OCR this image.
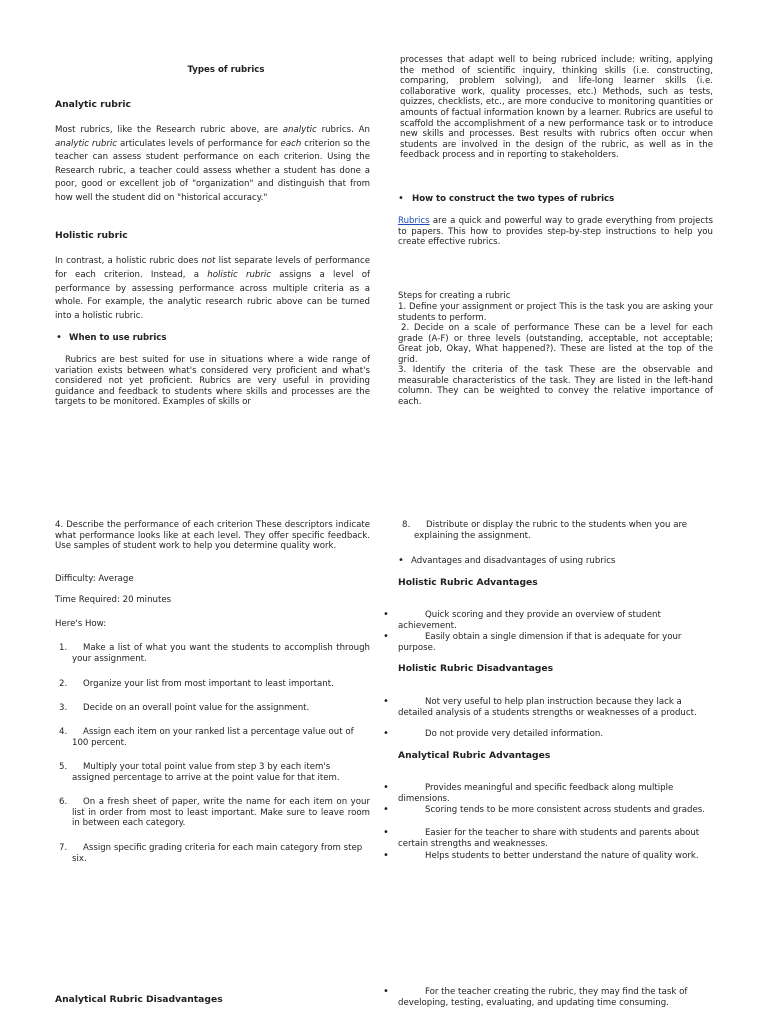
Types of rubrics
Analytic rubric
Most rubrics, like the Research rubric above, are analytic rubrics. An analytic rubric articulates levels of performance for each criterion so the teacher can assess student performance on each criterion. Using the Research rubric, a teacher could assess whether a student has done a poor, good or excellent job of "organization" and distinguish that from how well the student did on "historical accuracy."
Holistic rubric
In contrast, a holistic rubric does not list separate levels of performance for each criterion. Instead, a holistic rubric assigns a level of performance by assessing performance across multiple criteria as a whole. For example, the analytic research rubric above can be turned into a holistic rubric.
• When to use rubrics
Rubrics are best suited for use in situations where a wide range of variation exists between what's considered very proficient and what's considered not yet proficient. Rubrics are very useful in providing guidance and feedback to students where skills and processes are the targets to be monitored. Examples of skills or
processes that adapt well to being rubriced include: writing, applying the method of scientific inquiry, thinking skills (i.e. constructing, comparing, problem solving), and life-long learner skills (i.e. collaborative work, quality processes, etc.) Methods, such as tests, quizzes, checklists, etc., are more conducive to monitoring quantities or amounts of factual information known by a learner. Rubrics are useful to scaffold the accomplishment of a new performance task or to introduce new skills and processes. Best results with rubrics often occur when students are involved in the design of the rubric, as well as in the feedback process and in reporting to stakeholders.
• How to construct the two types of rubrics
Rubrics are a quick and powerful way to grade everything from projects to papers. This how to provides step-by-step instructions to help you create effective rubrics.
Steps for creating a rubric
1. Define your assignment or project This is the task you are asking your students to perform.
2. Decide on a scale of performance These can be a level for each grade (A-F) or three levels (outstanding, acceptable, not acceptable; Great job, Okay, What happened?). These are listed at the top of the grid.
3. Identify the criteria of the task These are the observable and measurable characteristics of the task. They are listed in the left-hand column. They can be weighted to convey the relative importance of each.
4. Describe the performance of each criterion These descriptors indicate what performance looks like at each level. They offer specific feedback. Use samples of student work to help you determine quality work.
Difficulty: Average
Time Required: 20 minutes
Here's How:
1.	Make a list of what you want the students to accomplish through your assignment.
2. Organize your list from most important to least important.
3. Decide on an overall point value for the assignment.
4.	Assign each item on your ranked list a percentage value out of 100 percent.
5.	Multiply your total point value from step 3 by each item's assigned percentage to arrive at the point value for that item.
6.	On a fresh sheet of paper, write the name for each item on your list in order from most to least important. Make sure to leave room in between each category.
7.	Assign specific grading criteria for each main category from step six.
Analytical Rubric Disadvantages
8.	Distribute or display the rubric to the students when you are explaining the assignment.
• Advantages and disadvantages of using rubrics
Holistic Rubric Advantages
•	Quick scoring and they provide an overview of student achievement.
•	Easily obtain a single dimension if that is adequate for your purpose.
Holistic Rubric Disadvantages
•	Not very useful to help plan instruction because they lack a detailed analysis of a students strengths or weaknesses of a product.
•	Do not provide very detailed information.
Analytical Rubric Advantages
•	Provides meaningful and specific feedback along multiple dimensions.
•	Scoring tends to be more consistent across students and grades.
•	Easier for the teacher to share with students and parents about certain strengths and weaknesses.
•	Helps students to better understand the nature of quality work.
•	For the teacher creating the rubric, they may find the task of developing, testing, evaluating, and updating time consuming.
